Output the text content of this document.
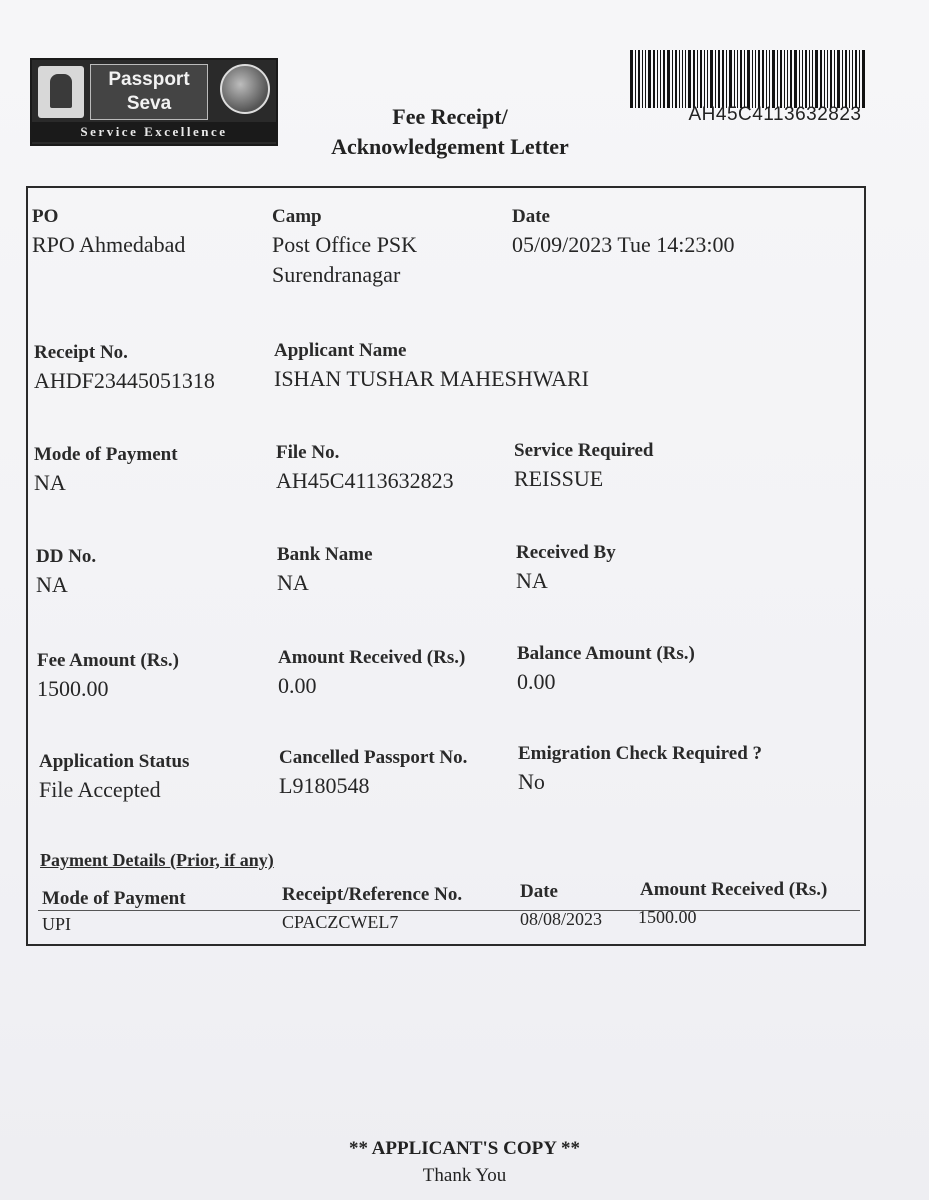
Passport
Seva
Service Excellence
Fee Receipt/
Acknowledgement Letter
AH45C4113632823
PO
RPO Ahmedabad
Camp
Post Office PSK
Surendranagar
Date
05/09/2023 Tue 14:23:00
Receipt No.
AHDF23445051318
Applicant Name
ISHAN TUSHAR MAHESHWARI
Mode of Payment
NA
File No.
AH45C4113632823
Service Required
REISSUE
DD No.
NA
Bank Name
NA
Received By
NA
Fee Amount (Rs.)
1500.00
Amount Received (Rs.)
0.00
Balance Amount (Rs.)
0.00
Application Status
File Accepted
Cancelled Passport No.
L9180548
Emigration Check Required ?
No
Payment Details (Prior, if any)
Mode of Payment	Receipt/Reference No.	Date	Amount Received (Rs.)
UPI	CPACZCWEL7	08/08/2023 1500.00
** APPLICANT'S COPY **
Thank You
